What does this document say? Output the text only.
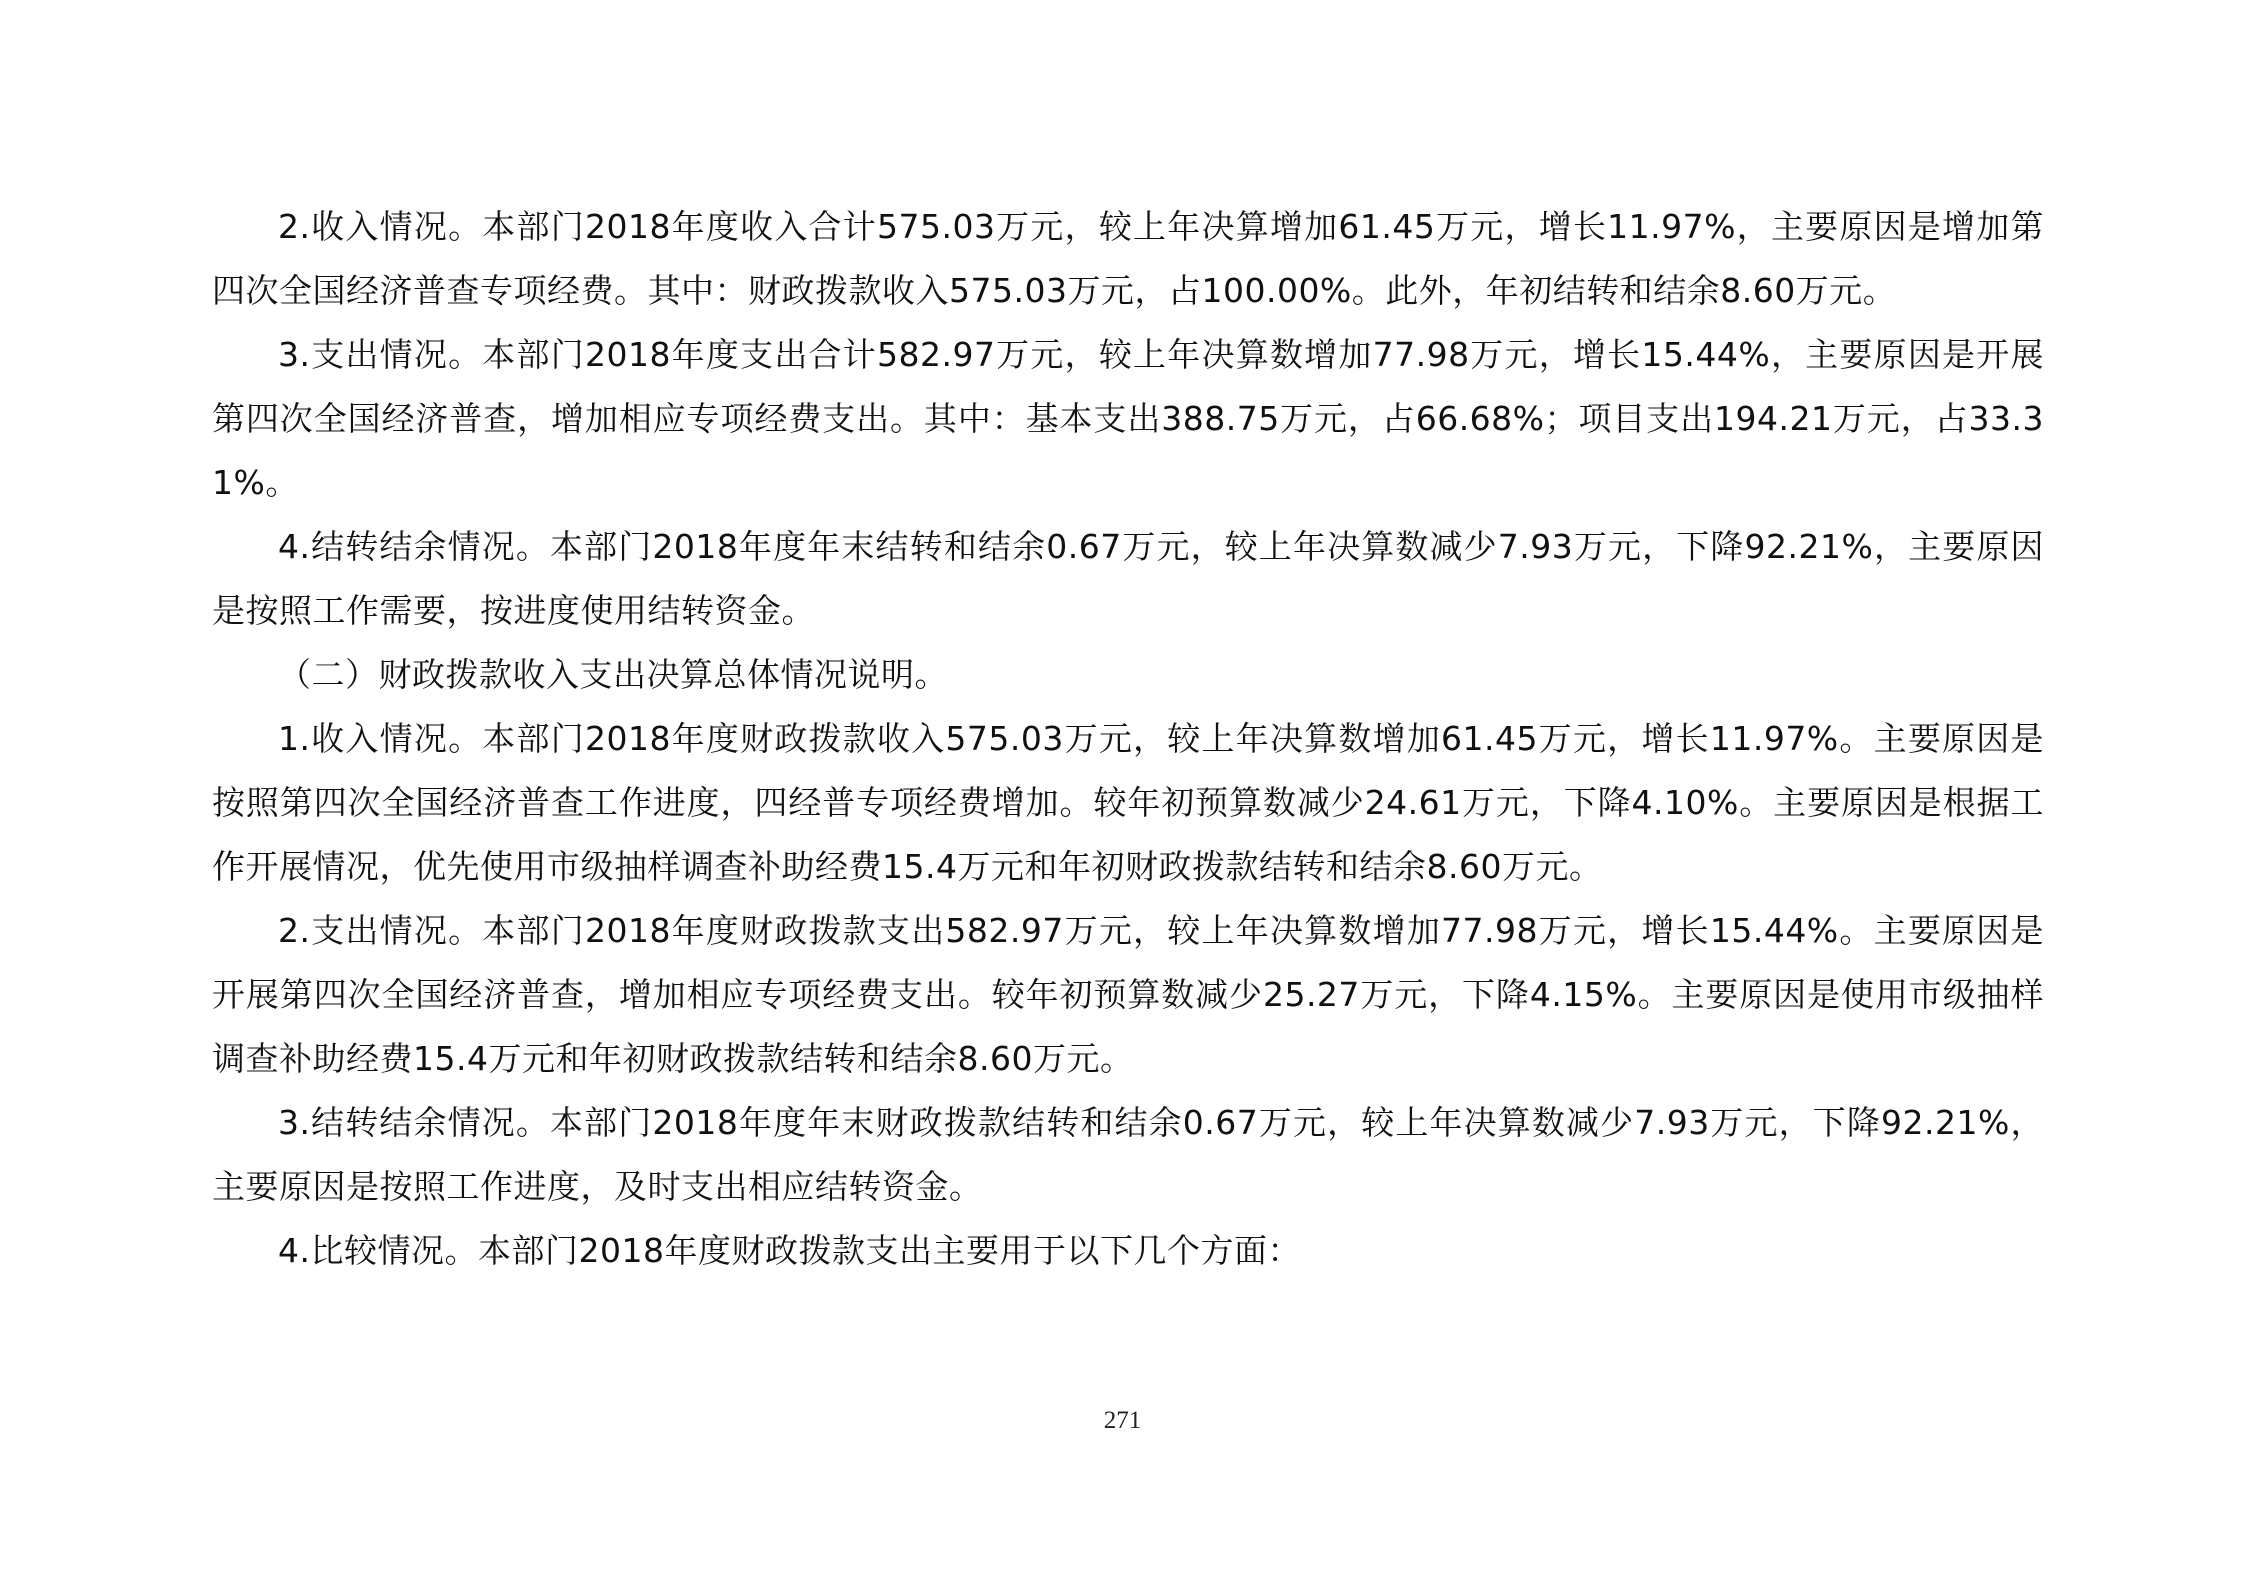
2.收入情况。本部门2018年度收入合计575.03万元，较上年决算增加61.45万元，增长11.97%，主要原因是增加第四次全国经济普查专项经费。其中：财政拨款收入575.03万元，占100.00%。此外，年初结转和结余8.60万元。

3.支出情况。本部门2018年度支出合计582.97万元，较上年决算数增加77.98万元，增长15.44%，主要原因是开展第四次全国经济普查，增加相应专项经费支出。其中：基本支出388.75万元，占66.68%；项目支出194.21万元，占33.31%。

4.结转结余情况。本部门2018年度年末结转和结余0.67万元，较上年决算数减少7.93万元，下降92.21%，主要原因是按照工作需要，按进度使用结转资金。

（二）财政拨款收入支出决算总体情况说明。

1.收入情况。本部门2018年度财政拨款收入575.03万元，较上年决算数增加61.45万元，增长11.97%。主要原因是按照第四次全国经济普查工作进度，四经普专项经费增加。较年初预算数减少24.61万元，下降4.10%。主要原因是根据工作开展情况，优先使用市级抽样调查补助经费15.4万元和年初财政拨款结转和结余8.60万元。

2.支出情况。本部门2018年度财政拨款支出582.97万元，较上年决算数增加77.98万元，增长15.44%。主要原因是开展第四次全国经济普查，增加相应专项经费支出。较年初预算数减少25.27万元，下降4.15%。主要原因是使用市级抽样调查补助经费15.4万元和年初财政拨款结转和结余8.60万元。

3.结转结余情况。本部门2018年度年末财政拨款结转和结余0.67万元，较上年决算数减少7.93万元，下降92.21%，主要原因是按照工作进度，及时支出相应结转资金。

4.比较情况。本部门2018年度财政拨款支出主要用于以下几个方面：

271
